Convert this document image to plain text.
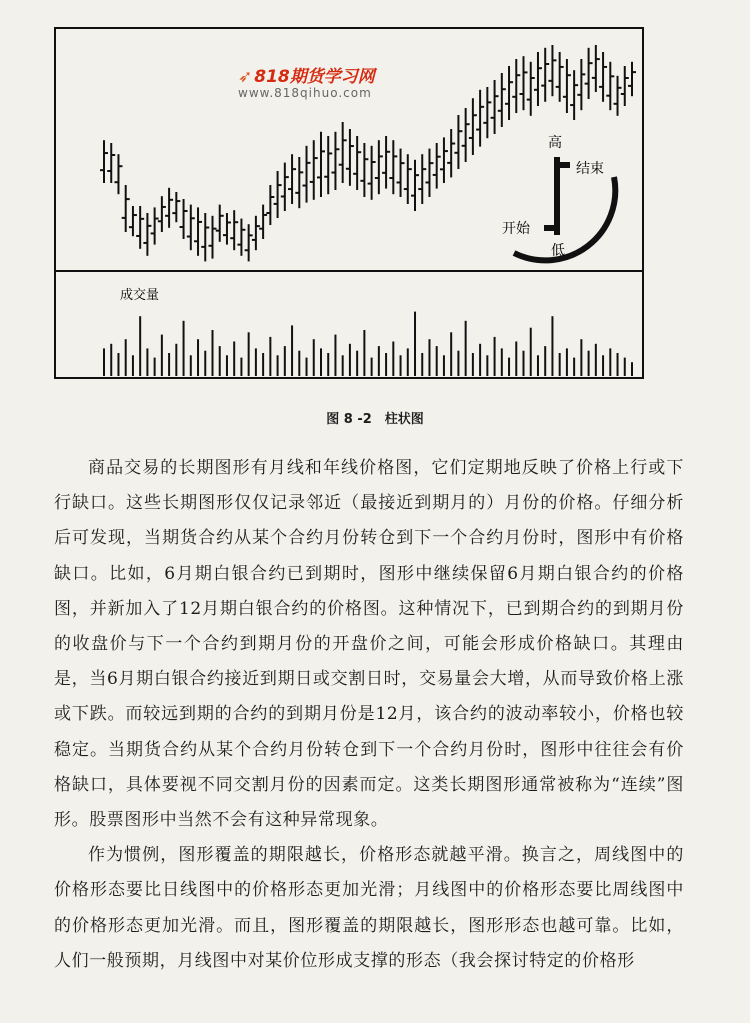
高
结束
开始
低
成交量
➶ 818期货学习网
www.818qihuo.com
图 8 -2　柱状图

商品交易的长期图形有月线和年线价格图，它们定期地反映了价格上行或下行缺口。这些长期图形仅仅记录邻近（最接近到期月的）月份的价格。仔细分析后可发现，当期货合约从某个合约月份转仓到下一个合约月份时，图形中有价格缺口。比如，6月期白银合约已到期时，图形中继续保留6月期白银合约的价格图，并新加入了12月期白银合约的价格图。这种情况下，已到期合约的到期月份的收盘价与下一个合约到期月份的开盘价之间，可能会形成价格缺口。其理由是，当6月期白银合约接近到期日或交割日时，交易量会大增，从而导致价格上涨或下跌。而较远到期的合约的到期月份是12月，该合约的波动率较小，价格也较稳定。当期货合约从某个合约月份转仓到下一个合约月份时，图形中往往会有价格缺口，具体要视不同交割月份的因素而定。这类长期图形通常被称为“连续”图形。股票图形中当然不会有这种异常现象。

作为惯例，图形覆盖的期限越长，价格形态就越平滑。换言之，周线图中的价格形态要比日线图中的价格形态更加光滑；月线图中的价格形态要比周线图中的价格形态更加光滑。而且，图形覆盖的期限越长，图形形态也越可靠。比如，人们一般预期，月线图中对某价位形成支撑的形态（我会探讨特定的价格形
